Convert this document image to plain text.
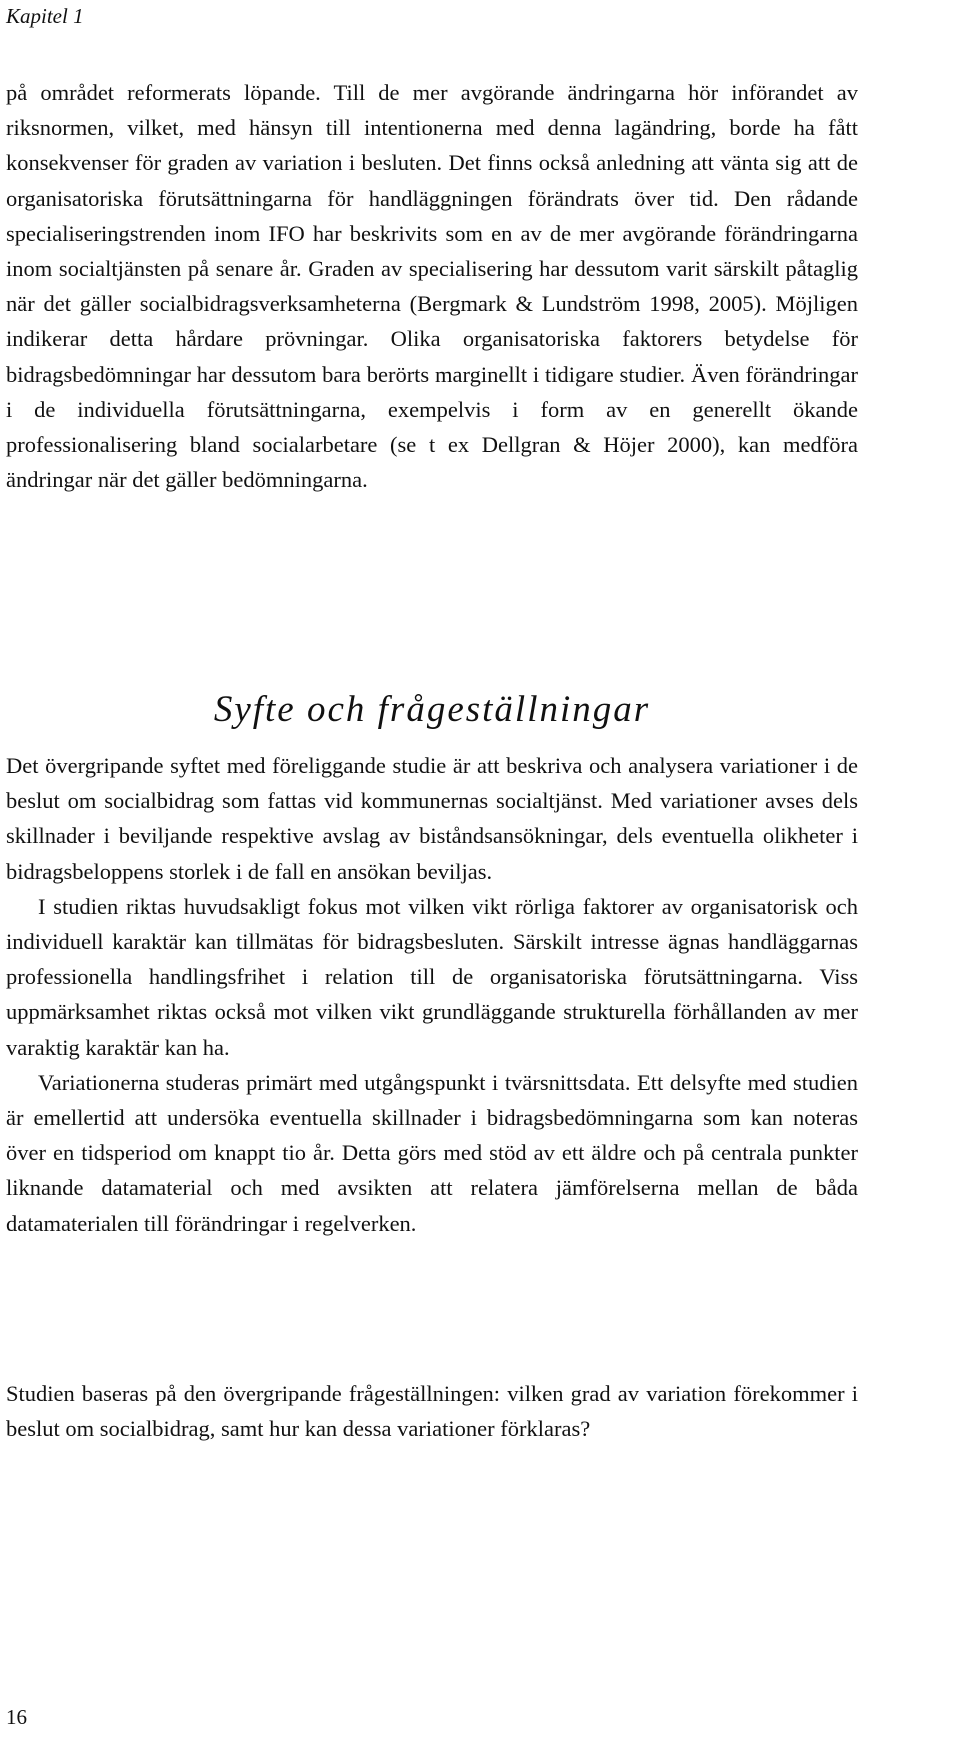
Kapitel 1

på området reformerats löpande. Till de mer avgörande ändringarna hör införandet av riksnormen, vilket, med hänsyn till intentionerna med denna lagändring, borde ha fått konsekvenser för graden av variation i besluten. Det finns också anledning att vänta sig att de organisatoriska förutsättningarna för handläggningen förändrats över tid. Den rådande specialiseringstrenden inom IFO har beskrivits som en av de mer avgörande förändringarna inom socialtjänsten på senare år. Graden av specialisering har dessutom varit särskilt påtaglig när det gäller socialbidragsverksamheterna (Bergmark & Lundström 1998, 2005). Möjligen indikerar detta hårdare prövningar. Olika organisatoriska faktorers betydelse för bidragsbedömningar har dessutom bara berörts marginellt i tidigare studier. Även förändringar i de individuella förutsättningarna, exempelvis i form av en generellt ökande professionalisering bland socialarbetare (se t ex Dellgran & Höjer 2000), kan medföra ändringar när det gäller bedömningarna.

Syfte och frågeställningar

Det övergripande syftet med föreliggande studie är att beskriva och analysera variationer i de beslut om socialbidrag som fattas vid kommunernas socialtjänst. Med variationer avses dels skillnader i beviljande respektive avslag av biståndsansökningar, dels eventuella olikheter i bidragsbeloppens storlek i de fall en ansökan beviljas.

I studien riktas huvudsakligt fokus mot vilken vikt rörliga faktorer av organisatorisk och individuell karaktär kan tillmätas för bidragsbesluten. Särskilt intresse ägnas handläggarnas professionella handlingsfrihet i relation till de organisatoriska förutsättningarna. Viss uppmärksamhet riktas också mot vilken vikt grundläggande strukturella förhållanden av mer varaktig karaktär kan ha.

Variationerna studeras primärt med utgångspunkt i tvärsnittsdata. Ett delsyfte med studien är emellertid att undersöka eventuella skillnader i bidragsbedömningarna som kan noteras över en tidsperiod om knappt tio år. Detta görs med stöd av ett äldre och på centrala punkter liknande datamaterial och med avsikten att relatera jämförelserna mellan de båda datamaterialen till förändringar i regelverken.

Studien baseras på den övergripande frågeställningen: vilken grad av variation förekommer i beslut om socialbidrag, samt hur kan dessa variationer förklaras?

16
